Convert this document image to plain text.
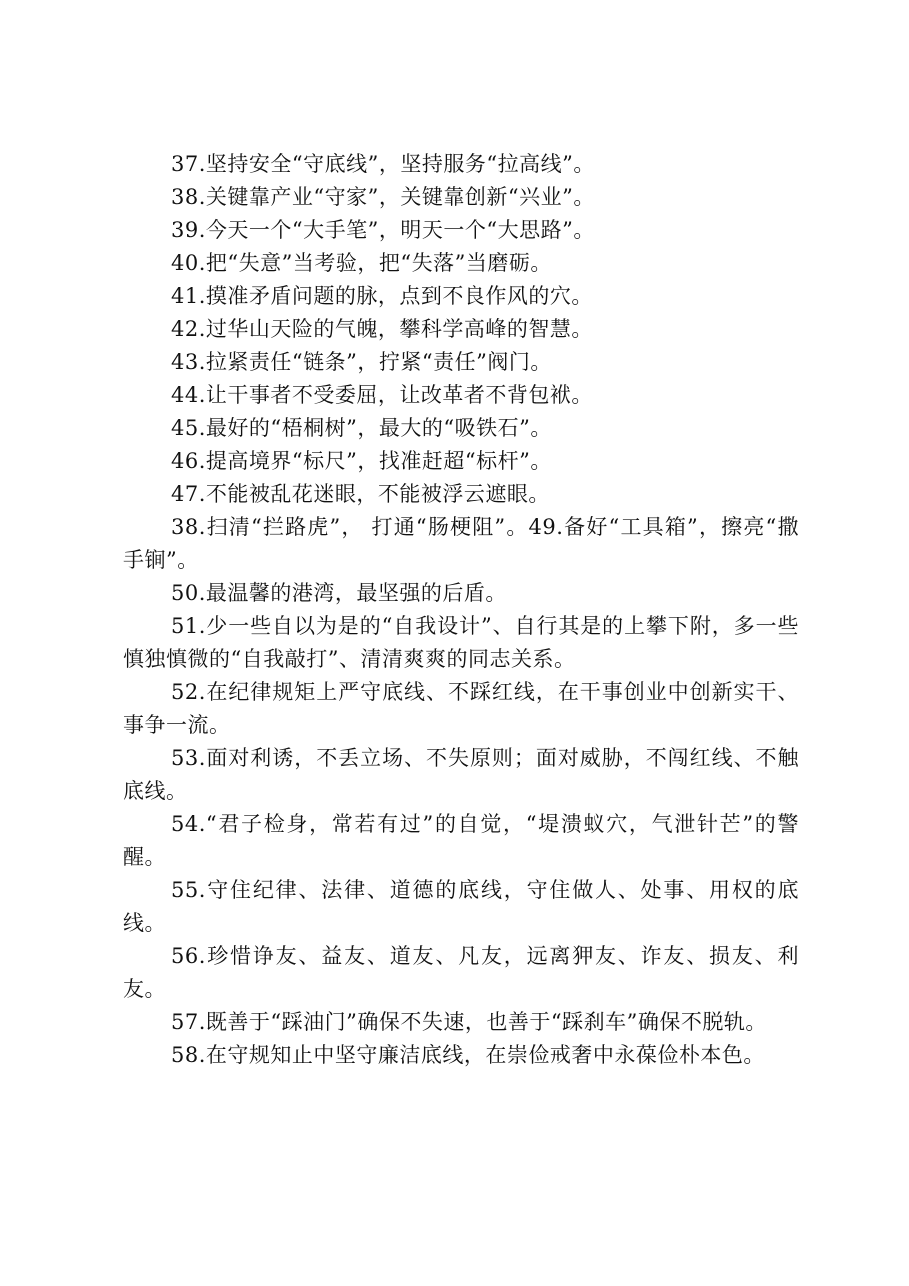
37.坚持安全“守底线”，坚持服务“拉高线”。

38.关键靠产业“守家”，关键靠创新“兴业”。

39.今天一个“大手笔”，明天一个“大思路”。

40.把“失意”当考验，把“失落”当磨砺。

41.摸准矛盾问题的脉，点到不良作风的穴。

42.过华山天险的气魄，攀科学高峰的智慧。

43.拉紧责任“链条”，拧紧“责任”阀门。

44.让干事者不受委屈，让改革者不背包袱。

45.最好的“梧桐树”，最大的“吸铁石”。

46.提高境界“标尺”，找准赶超“标杆”。

47.不能被乱花迷眼，不能被浮云遮眼。

38.扫清“拦路虎”， 打通“肠梗阻”。49.备好“工具箱”，擦亮“撒手锏”。

50.最温馨的港湾，最坚强的后盾。

51.少一些自以为是的“自我设计”、自行其是的上攀下附，多一些慎独慎微的“自我敲打”、清清爽爽的同志关系。

52.在纪律规矩上严守底线、不踩红线，在干事创业中创新实干、事争一流。

53.面对利诱，不丢立场、不失原则；面对威胁，不闯红线、不触底线。

54.“君子检身，常若有过”的自觉，“堤溃蚁穴，气泄针芒”的警醒。

55.守住纪律、法律、道德的底线，守住做人、处事、用权的底线。

56.珍惜诤友、益友、道友、凡友，远离狎友、诈友、损友、利友。

57.既善于“踩油门”确保不失速，也善于“踩刹车”确保不脱轨。

58.在守规知止中坚守廉洁底线，在崇俭戒奢中永葆俭朴本色。
